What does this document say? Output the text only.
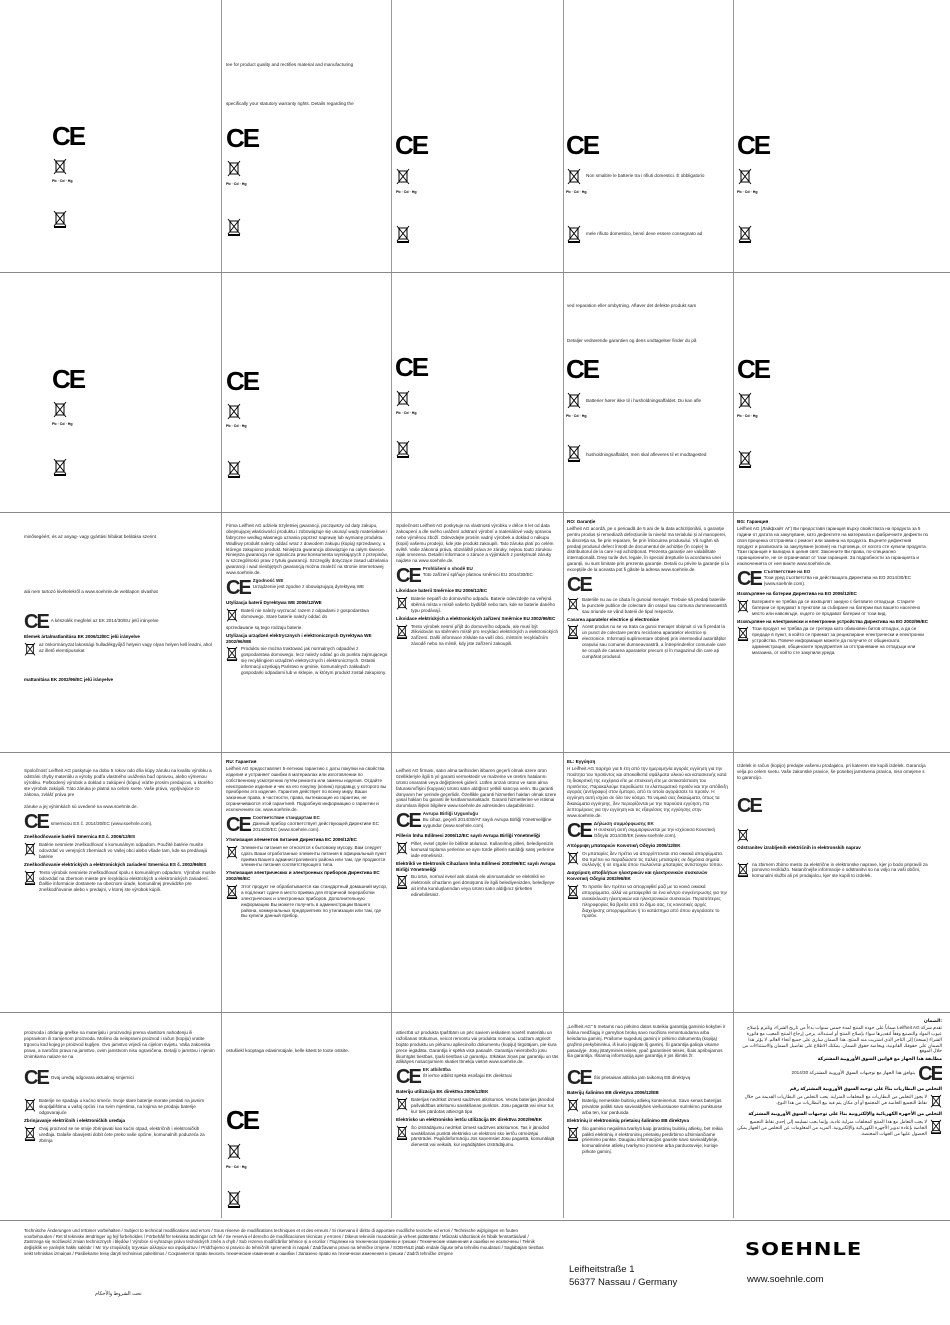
CE
Pb · Cd · Hg
tee for product quality and rectifies material and manufacturing
specifically your statutory warranty rights. Details regarding the
CE
Pb · Cd · Hg
CE
Pb · Cd · Hg
CE
Non smaltire le batterie tra i rifiuti domestici. È obbligatorio
Pb · Cd · Hg
mele rifiuto domestico, bensì deve essere consegnato ad
CE
Pb · Cd · Hg
CE
Pb · Cd · Hg
CE
Pb · Cd · Hg
CE
Pb · Cd · Hg
ved reparation eller ombytning. Afløver det defekte produkt sam
Detaljer vedrørende garantien og dens undtagelser finder du på
CE
Batterier hører ikke til i husholdningsaffaldet. Du kan afle
Pb · Cd · Hg
husholdningsaffaldet, men skal afleveres til et modtagested
CE
Pb · Cd · Hg

minősegéért, és az anyag- vagy gyártási hibákat belátása szerint

alá nem tartozó kivételekről a www.soehnle.de weblapon olvashat

CE A készülék megfelel az EK 2014/30/EU jelű irányelve
Elemek ártalmatlanítása EK 2006/12/EC jelű irányelve
az önkormányzat lakossági hulladékgyűjtő helyein vagy olyan helyen kell leadni, ahol az illető elemtípusokat
mattanítása EK 2002/96/EC jelű irányelve

Firma Leifheit AG udziela trzyletniej gwarancji, począwszy od daty zakupu, obejmującej właściwości produktu i zobowiązuje się usunąć wady materiałowe i fabryczne według własnego uznania poprzez naprawę lub wymianę produktu. Wadliwy produkt należy oddać wraz z dowodem zakupu (kopią) sprzedawcy, u którego zakupiono produkt. Niniejsza gwarancja obowiązuje na całym świecie. Niniejsza gwarancja nie ogranicza praw konsumenta wynikających z przepisów, w szczególności praw z tytułu gwarancji. Szczegóły dotyczące zasad udzielania gwarancji i wad nieobjętych gwarancją można znaleźć na stronie internetowej www.soehnle.de.

CE Zgodność WE
Urządzenie jest zgodne z obowiązującą dyrektywą WE
Utylizacja baterii Dyrektywa WE 2006/12/WE
Baterii nie należy wyrzucać razem z odpadami z gospodarstwa domowego. Stare baterie należy oddać do

sprzedawane są tego rodzaju baterie.

Utylizacja urządzeń elektrycznych i elektronicznych Dyrektywa WE 2002/96/WE
Produktu nie można traktować jak normalnych odpadów z gospodarstwa domowego, lecz należy oddać go do punktu zajmującego się recyklingiem urządzeń elektrycznych i elektronicznych. Ostatni informacji uzyskają Państwo w gminie, komunalnych zakładach gospodarki odpadami lub w sklepie, w którym produkt został zakupiony.

Společnost Leifheit AG poskytuje na vlastnosti výrobku v délce 5 let od data zakoupení a dle svého uvážení odstraní výrobní a materiálové vady opravou nebo výměnou zboží. Odevzdejte prosím vadný výrobek a doklad o nákupu (kopii) vašemu prodejci, kde jste produkt zakoupili. Tato záruka platí po celém světě. Vaše zákonná práva, obzvláště práva ze záruky, nejsou touto zárukou nijak omezena. Detailní informace o záruce a výjimkách z poskytnuté záruky najdete na www.soehnle.de.

CE Prohlášení o shodě EU
Toto zařízení splňuje platnou směrnici EU 2014/30/EC
Likvidace baterií Směrnice EU 2006/12/EC
Baterie nepatří do domovního odpadu. Baterie odevzdejte na veřejná sběrná místa v místě vašeho bydliště nebo tam, kde se baterie daného typu prodávají.
Likvidace elektrických a elektronických zařízení Směrnice EU 2002/96/EC
Tento výrobek nesmí přijít do domovního odpadu, ale musí být zlikvidován na sběrném místě pro recyklaci elektrických a elektronických zařízení. Další informace získáte na vaší obci, místním recyklačním závodě nebo na místě, kdy jste zařízení zakoupili.
RO: Garanție

Leifheit AG acordă, pe o perioadă de 5 ani de la data achiziționării, o garanție pentru produs și remediază defecțiunile la nivelul ma terialului și al manoperei, la discreția sa, fie prin reparare, fie prin înlocuirea produsului. Vă rugăm să predați produsul defect însoțit de documentul de achiziție (în copie) la distribuitorul de la care l-ați achiziționat. Prezenta garanție are valabilitate internațională. Drep turile dvs. legale, în special drepturile la acordarea unei garanții, nu sunt limitate prin prezenta garanție. Detalii cu privire la garanție și la excepțiile de la aceasta pot fi găsite la adresa www.soehnle.de.

CE
Bateriile nu au ce căuta în gunoiul menajer. Trebuie să predați bateriile la punctele publice de colectare din orașul sau comuna dumneavoastră sau oriunde se vând baterii de tipul respectiv.
Casarea aparatelor electrice și electronice
Acest produs nu se va trata ca gunoi menajer obișnuit ci va fi predat la un punct de colectare pentru reciclarea aparatelor electrice și electronice. Informații suplimentare obțineți prin intermediul autorităților orașului sau comunei dumneavoastră, a întreprinderilor comunale care se ocupă de casarea aparatelor precum și în magazinul din care ați cumpărat produsul.
BG: Гаранция

Leifheit AG (Лайфхайт АГ) Ви предоставя гаранция върху свойствата на продукта за 5 години от датата на закупуване, като дефектите на материала и фабричните дефекти по своя преценка отстранява с ремонт или замяна на продукта. Върнете дефектния продукт и разписката за закупуване (копие) на търговеца, от когото сте купили продукта. Тази гаранция е валидна в целия свят. Законните Ви права, по-специално гаранционните, не се ограничават от тази гаранция. За подробности за гаранцията и изключенията от нея вижте www.soehnle.de.

CE Съответствие на ЕО
Този уред съответства на действащата Директива на ЕО 2014/30/EC (www.soehnle.com).
Изхвърляне на батерии Директива на ЕО 2006/12/EC
Батериите не трябва да се изхвърлят заедно с битовите отпадъци. Старите батерии се предават в пунктове за събиране на батерии във вашето населено място или навсякъде, където се продават батерии от този вид.
Изхвърляне на електрически и електронни устройства Директива на ЕО 2002/96/EC
Този продукт не трябва да се третира като обикновен битов отпадък, а да се предаде в пункт, в който се приемат за рециклиране електрически и електронни устройства. Повече информация можете да получите от общинската администрация, общинските предприятия за отстраняване на отпадъци или магазина, от който сте закупили уреда.

Spoločnosť Leifheit AG poskytuje na dobu 5 rokov odo dňa kúpy záruku na kvalitu výrobku a odstráni chyby materiálu a výroby podľa vlastného uváženia buď opravou, alebo výmenou výrobku. Poškodený výrobok a doklad o zakúpení (kópiu) vráťte prosím predajcovi, u ktorého ste výrobok zakúpili. Táto záruka je platná na celom svete. Vaše práva, vyplývajúce zo zákona, zvlášť práva pre

záruke a jej výnimkách sú uvedené na www.soehnle.de.

CE smernicou ES č. 2014/30/EC (www.soehnle.com).
Zneškodňovanie batérií Smernica ES č. 2006/12/ES
Batérie nesmiete zneškodňovať s komunálnym odpadom. Použité batérie musíte odovzdať vo verejných zberniach vo Vašej obci alebo všade tam, kde sa predávajú batérie
Zneškodňovanie elektrických a elektronických zariadení Smernica ES č. 2002/96/ES
Tento výrobok nesmiete zneškodňovať spolu s komunálnym odpadom. Výrobok musíte odovzdať na zbernom mieste pre recykláciu elektrických a elektronických zariadení. Ďalšie informácie dostanete na obecnom úrade, komunálnej prevádzke pre zneškodňovanie alebo v predajni, v ktorej ste výrobok kúpili.
RU: Гарантия

Leifheit AG предоставляет 5-летнюю гарантию с даты покупки на свойства изделия и устраняет ошибки в материалах или изготовлении по собственному усмотрению путём ремонта или замены изделия. Отдайте неисправное изделие и чек на его покупку (копию) продавцу, у которого вы приобрели это изделие. Гарантия действует по всему миру. Ваши законные права, в частности, права, вытекающие из гарантии, не ограничиваются этой гарантией. Подробную информацию о гарантии и исключениях см. www.soehnle.de.

CE Соответствие стандартам ЕС
Данный прибор соответствует действующей Директиве ЕС 2014/30/EC (www.soehnle.com).
Утилизация элементов питания Директива ЕС 2006/12/ЕС
Элементы питания не относятся к бытовому мусору. Вам следует сдать Ваши отработанные элементы питания в официальный пункт приёма Вашего административного района или там, где продаются элементы питания соответствующего типа.
Утилизация электрических и электронных приборов Директива ЕС 2002/96/ЕС
Этот продукт не обрабатывается как стандартный домашний мусор, а подлежит сдаче в место приёма для вторичной переработки электрических и электронных приборов. Дополнительную информацию Вы можете получить в администрации Вашего района, коммунальных предприятиях по утилизации или там, где Вы купили данный прибор.

Leifheit AG firması, satın alma tarihinden itibaren geçerli olmak üzere ürün özellikleriyle ilgili 5 yıl garanti vermektedir ve malzeme ve üretim hatalarını ürünü onararak veya değiştirerek giderir. Lütfen arızalı ürünü ve satın alma faturasını/fişini (kopyası) ürünü satın aldığınız yetkili satıcıya verin. Bu garanti dünyanın her yerinde geçerlidir. Özellikle garanti hizmetleri hakları olmak üzere yasal hakları bu garanti ile kısıtlanmamaktadır. Garanti hizmetlerine ve istisnai durumlara ilişkin bilgilere www.soehnle.de adresinden ulaşabilirsiniz.

CE Avrupa Birliği Uygunluğu
Bu cihaz, geçerli 2014/30/AT sayılı Avrupa Birliği Yönetmeliğine uygundur (www.soehnle.com).
Pillerin İmha Edilmesi 2006/12/EC sayılı Avrupa Birliği Yönetmeliği
Piller, evsel çöpler ile birlikte atılamaz. Kullanılmış pilleri, belediyenizin kamusal toplama yerlerine ve aynı türde pillerin satıldığı satış yerlerine iade etmelisiniz.
Elektrikli ve Elektronik Cihazların İmha Edilmesi 2002/96/EC sayılı Avrupa Birliği Yönetmeliği
Bu ürün, normal evsel atık olarak ele alınmamalıdır ve elektrikli ve elektronik cihazların geri dönüşümü ile ilgili belediyenizden, belediyeye ait imha kuruluşlarından veya ürünü satın aldığınız şirketten edinebilirsiniz.
EL: Εγγύηση

Η Leifheit AG παρέχει για 5 έτη από την ημερομηνία αγοράς εγγύηση για την ποιότητα του προϊόντος και αποκαθιστά σφάλματα υλικού και κατασκευής κατά τη διακριτική της ευχέρεια είτε με επισκευή είτε με αντικατάσταση του προϊόντος. Παρακαλούμε παραδώστε το ελαττωματικό προϊόν και την απόδειξη αγοράς (αντίγραφο) στον έμπορο, από το οποίο αγοράσατε το προϊόν. Η εγγύηση αυτή ισχύει σε όλο τον κόσμο. Τα νομικά σας δικαιώματα, όπως τα δικαιώματα εγγύησης, δεν περιορίζονται με την παρούσα εγγύηση. Για λεπτομέρειες για την εγγύηση και τις εξαιρέσεις της εγγύησης στην www.soehnle.de.

CE Δήλωση συμμόρφωσης ΕΚ
Η συσκευή αυτή συμμορφώνεται με την ισχύουσα Κοινοτική Οδηγία 2014/30/ΕΚ (www.soehnle.com).
Απόρριψη μπαταριών Κοινοτική Οδηγία 2006/12/ΕΚ
Οι μπαταρίες δεν πρέπει να απορρίπτονται στα οικιακά απορρίμματα. Θα πρέπει να παραδώσετε τις παλιές μπαταρίες σε δημόσια σημεία συλλογής ή σε σημεία όπου πωλούνται μπαταρίες αντίστοιχου τύπου.
Διαχείριση αποβλήτων ηλεκτρικών και ηλεκτρονικών συσκευών Κοινοτική Οδηγία 2002/96/ΕΚ
Το προϊόν δεν πρέπει να απορριφθεί μαζί με τα κοινά οικιακά απορρίμματα, αλλά να μεταφερθεί σε ένα κέντρο συγκέντρωσης για την ανακύκλωση ηλεκτρικών και ηλεκτρονικών συσκευών. Περισσότερες πληροφορίες θα βρείτε από το δήμο σας, τις κοινοτικές αρχές διαχείρισης απορριμμάτων ή το κατάστημα από όπου αγοράσατε το προϊόν.

Izdelek in račun (kopijo) predajte vašemu prodajalcu, pri katerem ste kupili izdelek. Garancija velja po celem svetu. Vaše zakonske pravice, še posebej jamstvena pravica, niso omejene s to garancijo.

CE
Odstranitev izrabljenih električnih in elektronskih naprav
na zbirnem zbirno mesto za električne in elektronske naprave, kjer jo bodo pripravili za ponovno reciklažo. Natančnejše informacije o odstranitvi so na voljo na vaši občini, komunalni službi ali pri prodajalcu, kjer ste kupili to izdelek.

proizvoda i otklanja greške na materijalu i proizvodnji prema vlastitom nahođenju ili popravkom ili zamjenom proizvoda. Molimo da neispravni proizvod i račun (kopiju) vratite trgovcu kod kojeg je proizvod kupljen. Ovo jamstvo vrijedi na cijelom svijetu. Vaša zakonska prava, a naročito prava na jamstvo, ovim jamstvom nisu ograničena. Detalji o jamstvu i njenim iznimkama nalaze se na

CE Ovaj uređaj odgovara aktualnoj smjernici
Baterije ne spadaju u kućno smeće. Svoje stare baterije morate predati na javnim skupljalištima u vašoj općini i na svim mjestima, na kojima se prodaju baterije odgovarajuće
Zbrinjavanje električnih i elektroničkih uređaja
Ovaj proizvod se ne smije zbrinjavati kao kućni otpad, električnih i elektroničkih uređaja. Dalaše obavijesti dobit ćete preko vaše općine, komunalnih poduzeća za zbrinja

ostušiekl kooptaga edasimüüjale, kelle käest te toote ostsite.

CE
Pb · Cd · Hg

attiecībā uz produkta īpašībām un pēc saviem ieskatiem novērš materiālu un ražošanas trūkumus, veicot remontu vai produkta nomaiņu. Lūdzam atgriezt bojāto produktu un pirkumu apliecinošo dokumentu (kopiju) tirgotājam, pie kura prece iegādāta. Garantija ir spēkā visā pasaulē. Garantija neierobežo jūsu likumīgās tiesības, īpaši tiesības uz garantiju. Sīkākas ziņas par garantiju un tās atlikāyes nosacījumiem skatiet tīmekļa vietnē www.soehnle.de.

CE EK atbilstība
Šī ierīce atbilst spēkā esošajai EK direktīvai
Bateriju utilizācija EK direktīva 2006/12/EK
Baterijas nedrīkst izmest sadzīves atkritumos. Vecās baterijas jānodod pašvaldības atkritumu savākšanas punktos. Jūsu pagastā vai visur tur, kur tiek pārdotas attiecīgā tipa
Elektrisko un elektronisko ierīču utilizācija EK direktīva 2002/96/EK
Šo izstrādājumu nedrīkst izmest sadzīves atkritumos. Tas ir jānodod savākšanas punktā elektrisko un elektroni sko ierīču otrreizējai pārstrādei. Papildinformāciju Jūs saņemsiet Jūsu pagastā, komunālajā dienestā vai veikalā, kur iegādājāties izstrādājumu.

„Leifheit AG“ 5 metams nuo pirkimo datos suteikia garantiją gaminio kokybei ir šalina medžiagų ir gamybos broką savo nuožiūra remontuodama arba keisdama gaminį. Prašome sugedusį gaminį ir pirkimo dokumentą (kopiją) grąžinti prekybininkui, iš kurio įsigijote šį gaminį. Ši garantija galioja visame pasaulyje. Jūsų įstatyminės teisės, ypač garantinės teisės, šiais apribojamos šia garantija. Išsamią informaciją apie garantiją ir jos išimtis žr.

CE Šis prietaisas atitinka jam taikomą EB direktyvą
Baterijų šalinimo EB direktyva 2006/12/EB
Baterijų nemeskite buitinių atliekų konteinerius. Savo senas baterijas privalote palikti savo savivaldybės viešuosiuose surinkimo punktuose arba ten, kur parduoda
Elektrinių ir elektroninių prietaisų šalinimo EB direktyva
Šio gaminio negalima tvarkyti kaip įprastinių buitinių atliekų, bet reikia palikti elektrinių ir elektroninių prietaisų perdirbimo užsimiančiame priėmimo punkte. Daugiau informacijos gausite savo savivaldybėje, komunalinėse atliekų tvarkymo įmonėse arba parduotuvėje, kurioje pirkote gaminį.
:الضمان

تقدم شركة Leifheit AG ضماناً على جودة المنتج لمدة خمس سنوات بدءاً من تاريخ الشراء، وتلتزم بإصلاح عيوب المواد والتصنيع وفقاً لتقديرها سواء بإصلاح المنتج أو استبداله. يرجى إرجاع المنتج المعيب مع فاتورة الشراء (نسخة) إلى التاجر الذي اشتريت منه المنتج. هذا الضمان ساري على جميع أنحاء العالم. لا يؤثر هذا الضمان على حقوقك القانونية، وبخاصة حقوق الضمان. يمكنك الاطلاع على تفاصيل الضمان والاستثناءات من خلال الموقع

مطابقة هذا الجهاز مع قوانين السوق الأوروبية المشتركة
CE
يتوافق هذا الجهاز مع توجيهات السوق الأوروبية المشتركة 2014/30
التخلص من البطاريات بناءً على توجيه السوق الأوروبية المشتركة رقم
لا يجوز التخلص من البطاريات مع المخلفات المنزلية. يجب التخلص من البطاريات القديمة من خلال نقاط التجميع الخاصة في المجتمع أو أي مكان يتم فيه بيع البطاريات من هذا النوع.
التخلص من الأجهزة الكهربائية والإلكترونية بناءً على توجيهات السوق الأوروبية المشتركة
لا يجب التعامل مع هذا المنتج كمخلفات منزلية عادية، وإنما يجب تسليمه إلى إحدى نقاط التجميع الخاصة بإعادة تدوير الأجهزة الكهربائية والإلكترونية. المزيد من المعلومات عن التخلص من الجهاز يمكن الحصول عليها من الجهات المختصة.
Technische Änderungen und Irrtümer vorbehalten / Subject to technical modifications and errors / Sous réserve de modifications techniques et et des erreurs / Si riservano il diritto di apportare modifiche tecniche ed errori / Technische wijzigingen en fouten voorbehouden / Ret til tekniske ændringer og fejl forbeholdes / Förbehåll för tekniska ändringar och fel / Se reserva el derecho de modificaciones técnicas y errores / Dikeus teknisiin muutoksiin ja virheet pidätetään / Műszaki változások és hibák fenntartásával / Zastrzega się możliwość zmian technicznych i błędów / Výrobce si vyhrazuje právo technických změn a chyb / Sub rezerva modificărilor tehnice și a erorilor / Подлежи на технически промени и грешки / Технические изменения и ошибки не исключены / Teknik değişiklik ve yanlışlık hakkı saklıdır / Με την επιφύλαξη τεχνικών αλλαγών και σφαλμάτων / Pridržujemo si pravico do tehničnih sprememb in napak / Zadržavamo pravo na tehničke izmjene / SOEHNLE jätab endale õiguse teha tehnilisi muudatusi / Saglabājam tiesības veikt tehniskas izmaiņas / Pasiliekame teisę daryti techninius pakeitimus / Сохраняется право вносить технические изменения и ошибки / Запазено право на технически изменения и грешки / Zadrži tehničke izmjene
تحت الشروط والأحكام
SOEHNLE
Leifheitstraße 1
56377 Nassau / Germany	www.soehnle.com
